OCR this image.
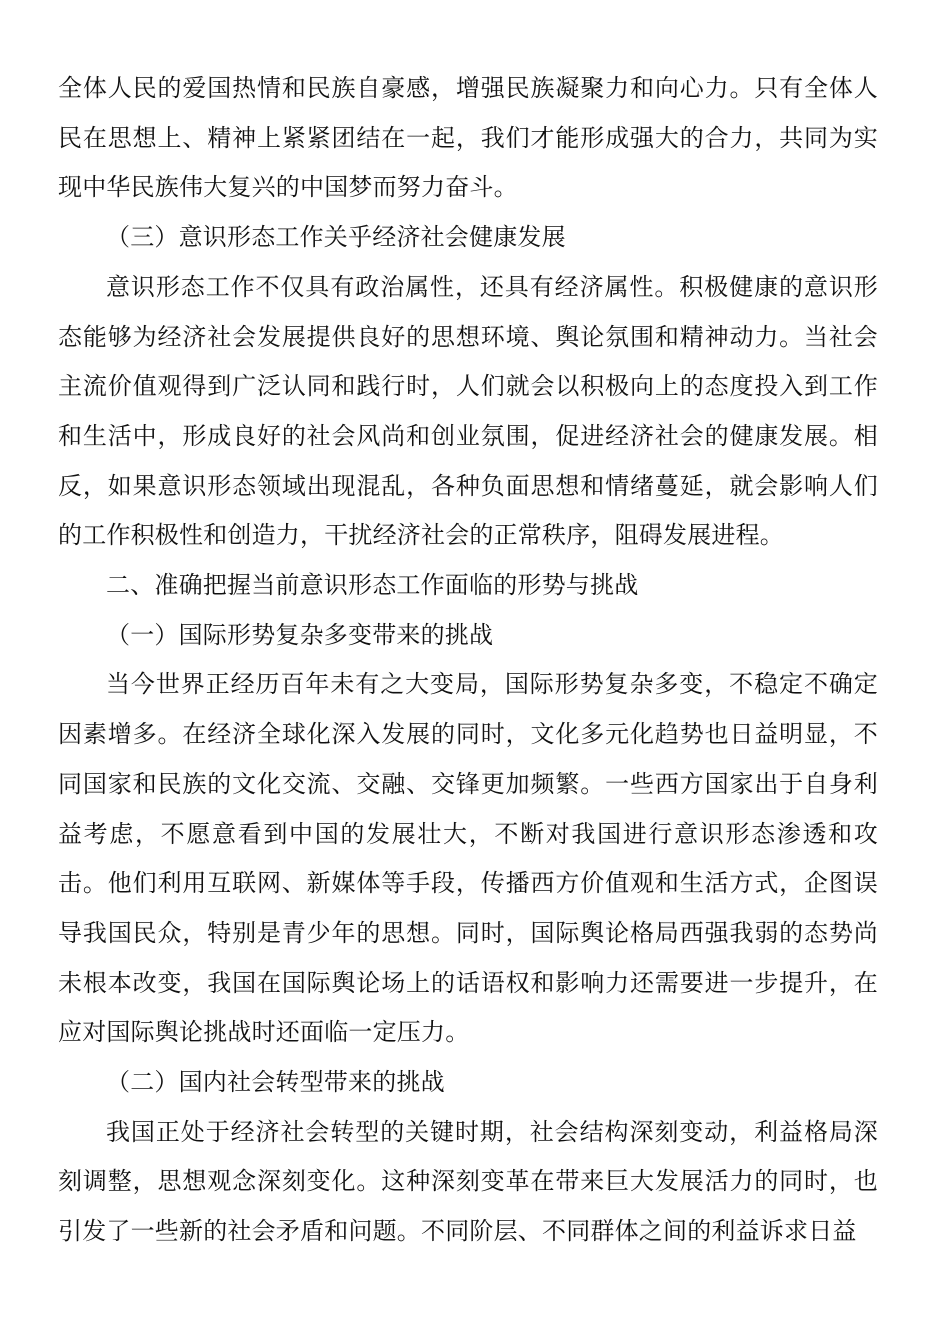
全体人民的爱国热情和民族自豪感，增强民族凝聚力和向心力。只有全体人民在思想上、精神上紧紧团结在一起，我们才能形成强大的合力，共同为实现中华民族伟大复兴的中国梦而努力奋斗。

（三）意识形态工作关乎经济社会健康发展

意识形态工作不仅具有政治属性，还具有经济属性。积极健康的意识形态能够为经济社会发展提供良好的思想环境、舆论氛围和精神动力。当社会主流价值观得到广泛认同和践行时，人们就会以积极向上的态度投入到工作和生活中，形成良好的社会风尚和创业氛围，促进经济社会的健康发展。相反，如果意识形态领域出现混乱，各种负面思想和情绪蔓延，就会影响人们的工作积极性和创造力，干扰经济社会的正常秩序，阻碍发展进程。

二、准确把握当前意识形态工作面临的形势与挑战

（一）国际形势复杂多变带来的挑战

当今世界正经历百年未有之大变局，国际形势复杂多变，不稳定不确定因素增多。在经济全球化深入发展的同时，文化多元化趋势也日益明显，不同国家和民族的文化交流、交融、交锋更加频繁。一些西方国家出于自身利益考虑，不愿意看到中国的发展壮大，不断对我国进行意识形态渗透和攻击。他们利用互联网、新媒体等手段，传播西方价值观和生活方式，企图误导我国民众，特别是青少年的思想。同时，国际舆论格局西强我弱的态势尚未根本改变，我国在国际舆论场上的话语权和影响力还需要进一步提升，在应对国际舆论挑战时还面临一定压力。

（二）国内社会转型带来的挑战

我国正处于经济社会转型的关键时期，社会结构深刻变动，利益格局深刻调整，思想观念深刻变化。这种深刻变革在带来巨大发展活力的同时，也引发了一些新的社会矛盾和问题。不同阶层、不同群体之间的利益诉求日益
